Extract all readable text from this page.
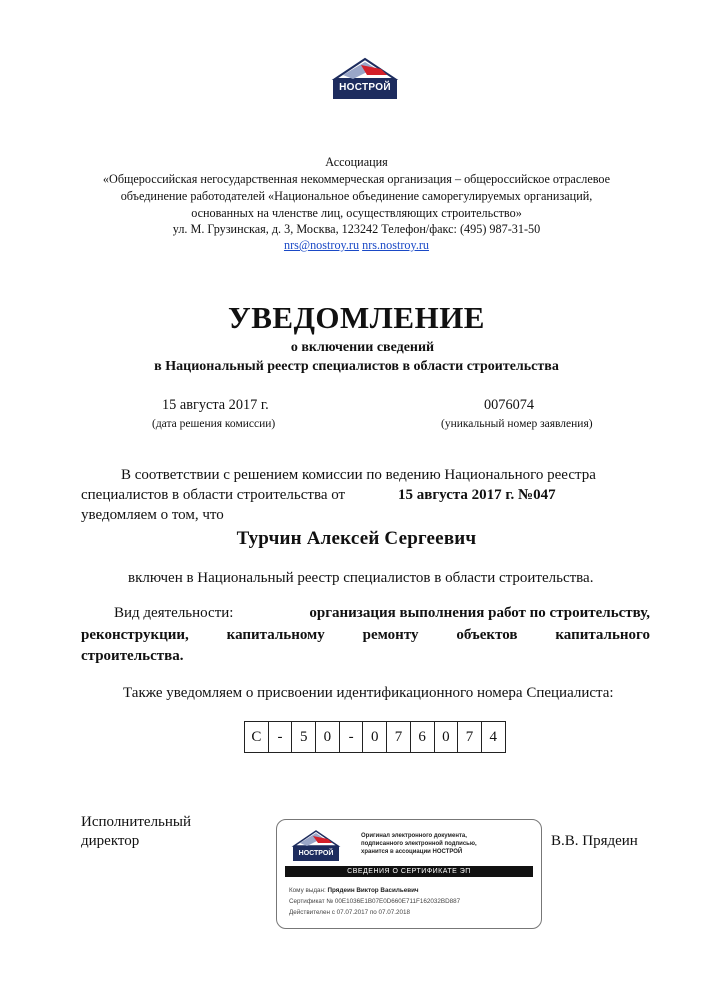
НОСТРОЙ
Ассоциация
«Общероссийская негосударственная некоммерческая организация – общероссийское отраслевое
объединение работодателей «Национальное объединение саморегулируемых организаций,
основанных на членстве лиц, осуществляющих строительство»
ул. М. Грузинская, д. 3, Москва, 123242 Телефон/факс: (495) 987-31-50
nrs@nostroy.ru nrs.nostroy.ru
УВЕДОМЛЕНИЕ
о включении сведений
в Национальный реестр специалистов в области строительства
15 августа 2017 г.
(дата решения комиссии)
0076074
(уникальный номер заявления)
В соответствии с решением комиссии по ведению Национального реестра
специалистов в области строительства от	15 августа 2017 г. №047
уведомляем о том, что
Турчин Алексей Сергеевич
включен в Национальный реестр специалистов в области строительства.
Вид деятельности:	организация выполнения работ по строительству,
реконструкции,	капитальному	ремонту	объектов	капитального
строительства.
Также уведомляем о присвоении идентификационного номера Специалиста:
С	-	5	0	-	0	7	6	0	7	4
Исполнительный
директор	В.В. Прядеин
НОСТРОЙ
Оригинал электронного документа,
подписанного электронной подписью,
хранится в ассоциации НОСТРОЙ
СВЕДЕНИЯ О СЕРТИФИКАТЕ ЭП
Кому выдан: Прядеин Виктор Васильевич
Сертификат № 00E1036E1B07E0D660E711F162032BD887
Действителен с 07.07.2017 по 07.07.2018
